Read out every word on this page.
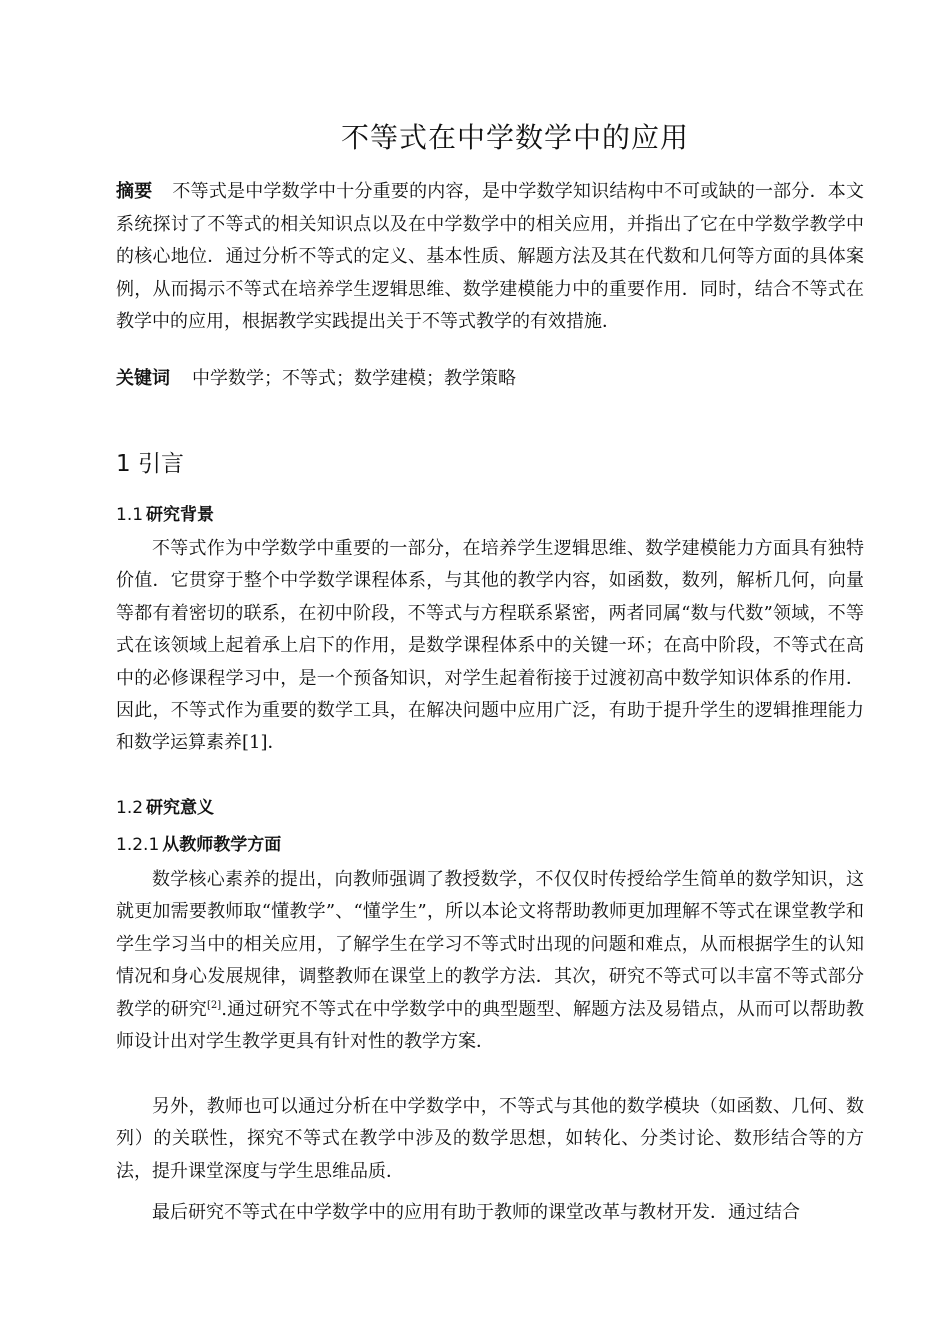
不等式在中学数学中的应用
摘要 不等式是中学数学中十分重要的内容，是中学数学知识结构中不可或缺的一部分．本文系统探讨了不等式的相关知识点以及在中学数学中的相关应用，并指出了它在中学数学教学中的核心地位．通过分析不等式的定义、基本性质、解题方法及其在代数和几何等方面的具体案例，从而揭示不等式在培养学生逻辑思维、数学建模能力中的重要作用．同时，结合不等式在教学中的应用，根据教学实践提出关于不等式教学的有效措施．
关键词 中学数学；不等式；数学建模；教学策略
1 引言
1.1 研究背景
不等式作为中学数学中重要的一部分，在培养学生逻辑思维、数学建模能力方面具有独特价值．它贯穿于整个中学数学课程体系，与其他的教学内容，如函数，数列，解析几何，向量等都有着密切的联系，在初中阶段，不等式与方程联系紧密，两者同属“数与代数”领域，不等式在该领域上起着承上启下的作用，是数学课程体系中的关键一环；在高中阶段，不等式在高中的必修课程学习中，是一个预备知识，对学生起着衔接于过渡初高中数学知识体系的作用．因此，不等式作为重要的数学工具，在解决问题中应用广泛，有助于提升学生的逻辑推理能力和数学运算素养[1]．
1.2 研究意义
1.2.1 从教师教学方面
数学核心素养的提出，向教师强调了教授数学，不仅仅时传授给学生简单的数学知识，这就更加需要教师取“懂教学”、“懂学生”，所以本论文将帮助教师更加理解不等式在课堂教学和学生学习当中的相关应用，了解学生在学习不等式时出现的问题和难点，从而根据学生的认知情况和身心发展规律，调整教师在课堂上的教学方法．其次，研究不等式可以丰富不等式部分教学的研究[2].通过研究不等式在中学数学中的典型题型、解题方法及易错点，从而可以帮助教师设计出对学生教学更具有针对性的教学方案．
另外，教师也可以通过分析在中学数学中，不等式与其他的数学模块（如函数、几何、数列）的关联性，探究不等式在教学中涉及的数学思想，如转化、分类讨论、数形结合等的方法，提升课堂深度与学生思维品质．
最后研究不等式在中学数学中的应用有助于教师的课堂改革与教材开发．通过结合
